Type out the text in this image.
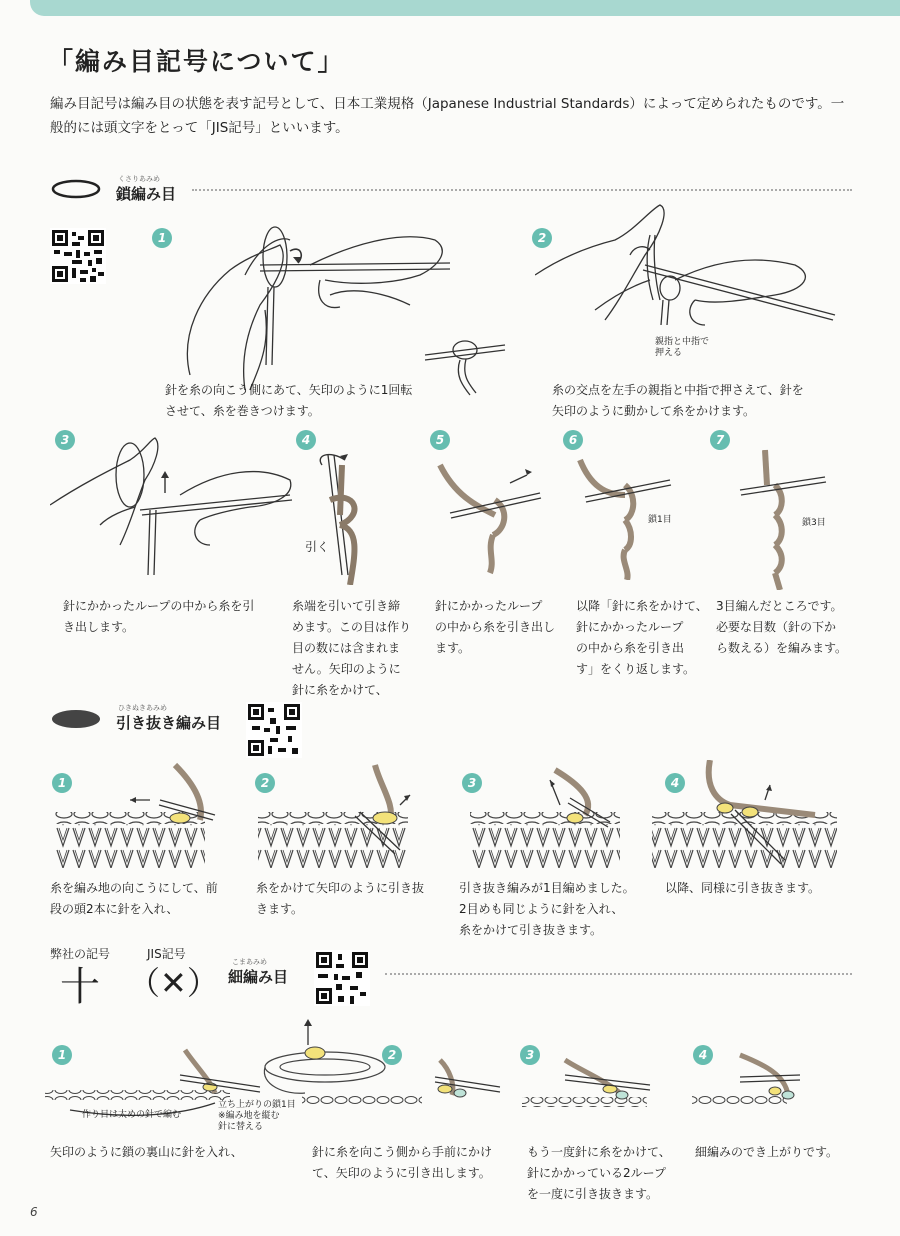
「編み目記号について」

編み目記号は編み目の状態を表す記号として、日本工業規格（Japanese Industrial Standards）によって定められたものです。一般的には頭文字をとって「JIS記号」といいます。

くさりあみめ
鎖編み目
1

針を糸の向こう側にあて、矢印のように1回転
させて、糸を巻きつけます。

2
親指と中指で
押える

糸の交点を左手の親指と中指で押さえて、針を
矢印のように動かして糸をかけます。

3

針にかかったループの中から糸を引
き出します。

4
引く

糸端を引いて引き締
めます。この目は作り
目の数には含まれま
せん。矢印のように
針に糸をかけて、

5

針にかかったループ
の中から糸を引き出し
ます。

6
鎖1目

以降「針に糸をかけて、
針にかかったループ
の中から糸を引き出
す」をくり返します。

7
鎖3目

3目編んだところです。
必要な目数（針の下か
ら数える）を編みます。

ひきぬきあみめ
引き抜き編み目
1	2	3	4

糸を編み地の向こうにして、前
段の頭2本に針を入れ、

糸をかけて矢印のように引き抜
きます。

引き抜き編みが1目編めました。
2目めも同じように針を入れ、
糸をかけて引き抜きます。

以降、同様に引き抜きます。

弊社の記号	JIS記号
十 （✕）
こまあみめ
細編み目
1	2	3	4
作り目は太めの針で編む
立ち上がりの鎖1目
※編み地を縦む
針に替える

矢印のように鎖の裏山に針を入れ、	針に糸を向こう側から手前にかけ
て、矢印のように引き出します。

もう一度針に糸をかけて、
針にかかっている2ループ
を一度に引き抜きます。

細編みのでき上がりです。

6
